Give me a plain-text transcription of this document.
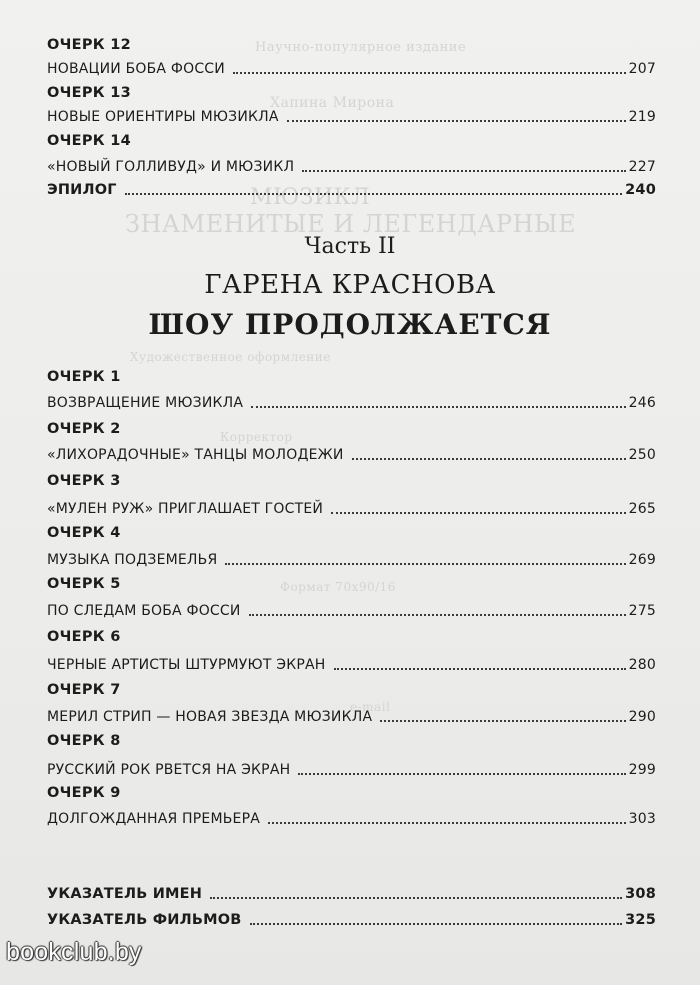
Научно-популярное издание
Хапина Мирона
МЮЗИКЛ
ЗНАМЕНИТЫЕ И ЛЕГЕНДАРНЫЕ
Художественное оформление
Корректор
Формат 70x90/16
e-mail
ОЧЕРК 12
НОВАЦИИ БОБА ФОССИ	207
ОЧЕРК 13
НОВЫЕ ОРИЕНТИРЫ МЮЗИКЛА	219
ОЧЕРК 14
«НОВЫЙ ГОЛЛИВУД» И МЮЗИКЛ	227
ЭПИЛОГ	240
Часть II
ГАРЕНА КРАСНОВА
ШОУ ПРОДОЛЖАЕТСЯ
ОЧЕРК 1
ВОЗВРАЩЕНИЕ МЮЗИКЛА	246
ОЧЕРК 2
«ЛИХОРАДОЧНЫЕ» ТАНЦЫ МОЛОДЕЖИ	250
ОЧЕРК 3
«МУЛЕН РУЖ» ПРИГЛАШАЕТ ГОСТЕЙ	265
ОЧЕРК 4
МУЗЫКА ПОДЗЕМЕЛЬЯ	269
ОЧЕРК 5
ПО СЛЕДАМ БОБА ФОССИ	275
ОЧЕРК 6
ЧЕРНЫЕ АРТИСТЫ ШТУРМУЮТ ЭКРАН	280
ОЧЕРК 7
МЕРИЛ СТРИП — НОВАЯ ЗВЕЗДА МЮЗИКЛА	290
ОЧЕРК 8
РУССКИЙ РОК РВЕТСЯ НА ЭКРАН	299
ОЧЕРК 9
ДОЛГОЖДАННАЯ ПРЕМЬЕРА	303
УКАЗАТЕЛЬ ИМЕН	308
УКАЗАТЕЛЬ ФИЛЬМОВ	325
bookclub.by
